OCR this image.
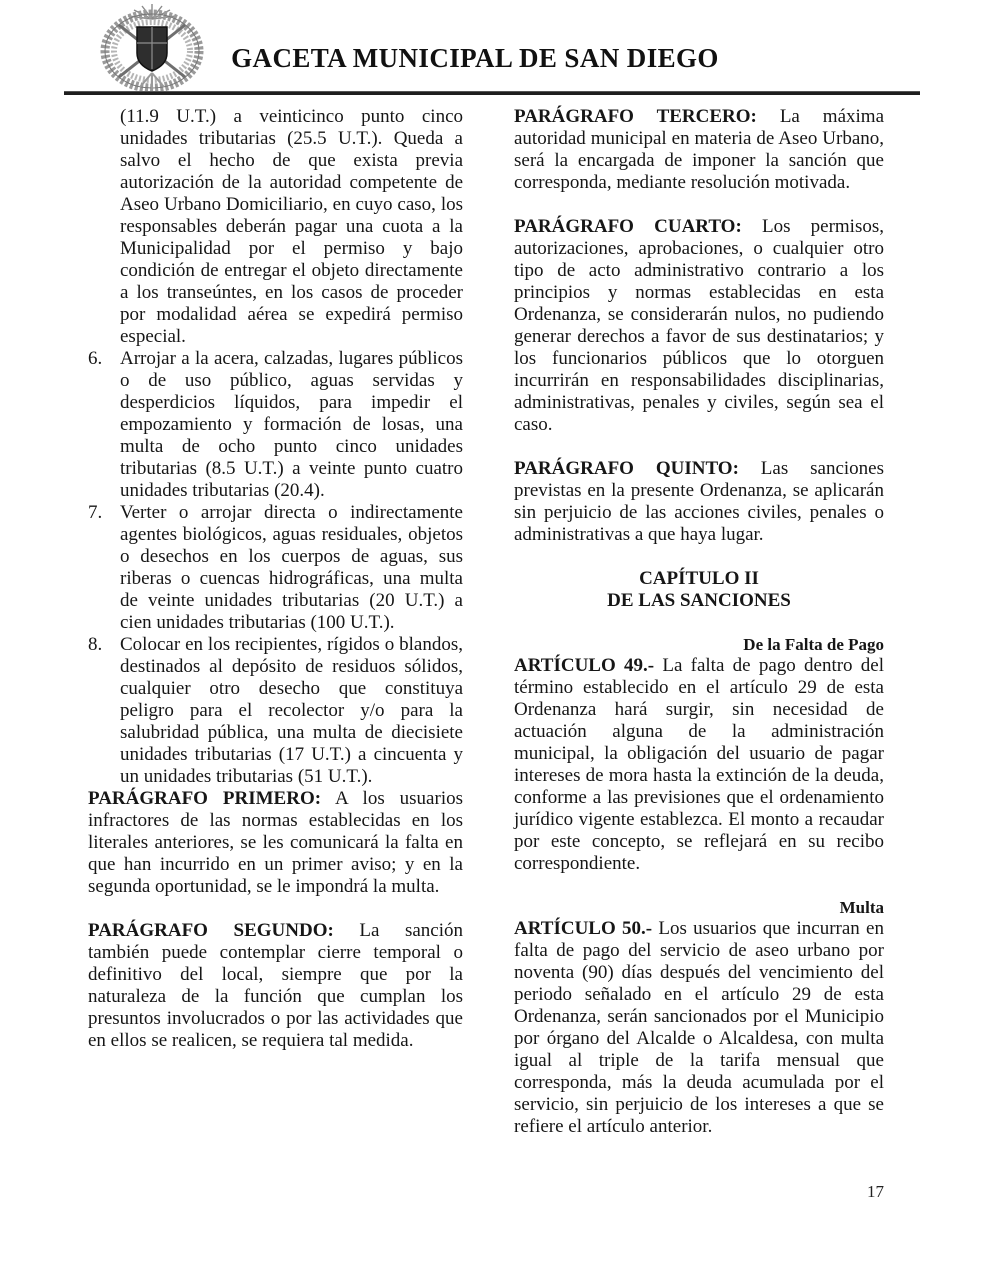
GACETA MUNICIPAL DE SAN DIEGO

(11.9 U.T.) a veinticinco punto cinco unidades tributarias (25.5 U.T.). Queda a salvo el hecho de que exista previa autorización de la autoridad competente de Aseo Urbano Domiciliario, en cuyo caso, los responsables deberán pagar una cuota a la Municipalidad por el permiso y bajo condición de entregar el objeto directamente a los transeúntes, en los casos de proceder por modalidad aérea se expedirá permiso especial.

6. Arrojar a la acera, calzadas, lugares públicos o de uso público, aguas servidas y desperdicios líquidos, para impedir el empozamiento y formación de losas, una multa de ocho punto cinco unidades tributarias (8.5 U.T.) a veinte punto cuatro unidades tributarias (20.4).
7. Verter o arrojar directa o indirectamente agentes biológicos, aguas residuales, objetos o desechos en los cuerpos de aguas, sus riberas o cuencas hidrográficas, una multa de veinte unidades tributarias (20 U.T.) a cien unidades tributarias (100 U.T.).
8. Colocar en los recipientes, rígidos o blandos, destinados al depósito de residuos sólidos, cualquier otro desecho que constituya peligro para el recolector y/o para la salubridad pública, una multa de diecisiete unidades tributarias (17 U.T.) a cincuenta y un unidades tributarias (51 U.T.).

PARÁGRAFO PRIMERO: A los usuarios infractores de las normas establecidas en los literales anteriores, se les comunicará la falta en que han incurrido en un primer aviso; y en la segunda oportunidad, se le impondrá la multa.

PARÁGRAFO SEGUNDO: La sanción también puede contemplar cierre temporal o definitivo del local, siempre que por la naturaleza de la función que cumplan los presuntos involucrados o por las actividades que en ellos se realicen, se requiera tal medida.

PARÁGRAFO TERCERO: La máxima autoridad municipal en materia de Aseo Urbano, será la encargada de imponer la sanción que corresponda, mediante resolución motivada.

PARÁGRAFO CUARTO: Los permisos, autorizaciones, aprobaciones, o cualquier otro tipo de acto administrativo contrario a los principios y normas establecidas en esta Ordenanza, se considerarán nulos, no pudiendo generar derechos a favor de sus destinatarios; y los funcionarios públicos que lo otorguen incurrirán en responsabilidades disciplinarias, administrativas, penales y civiles, según sea el caso.

PARÁGRAFO QUINTO: Las sanciones previstas en la presente Ordenanza, se aplicarán sin perjuicio de las acciones civiles, penales o administrativas a que haya lugar.

CAPÍTULO II
DE LAS SANCIONES
De la Falta de Pago

ARTÍCULO 49.- La falta de pago dentro del término establecido en el artículo 29 de esta Ordenanza hará surgir, sin necesidad de actuación alguna de la administración municipal, la obligación del usuario de pagar intereses de mora hasta la extinción de la deuda, conforme a las previsiones que el ordenamiento jurídico vigente establezca. El monto a recaudar por este concepto, se reflejará en su recibo correspondiente.

Multa

ARTÍCULO 50.- Los usuarios que incurran en falta de pago del servicio de aseo urbano por noventa (90) días después del vencimiento del periodo señalado en el artículo 29 de esta Ordenanza, serán sancionados por el Municipio por órgano del Alcalde o Alcaldesa, con multa igual al triple de la tarifa mensual que corresponda, más la deuda acumulada por el servicio, sin perjuicio de los intereses a que se refiere el artículo anterior.

17
